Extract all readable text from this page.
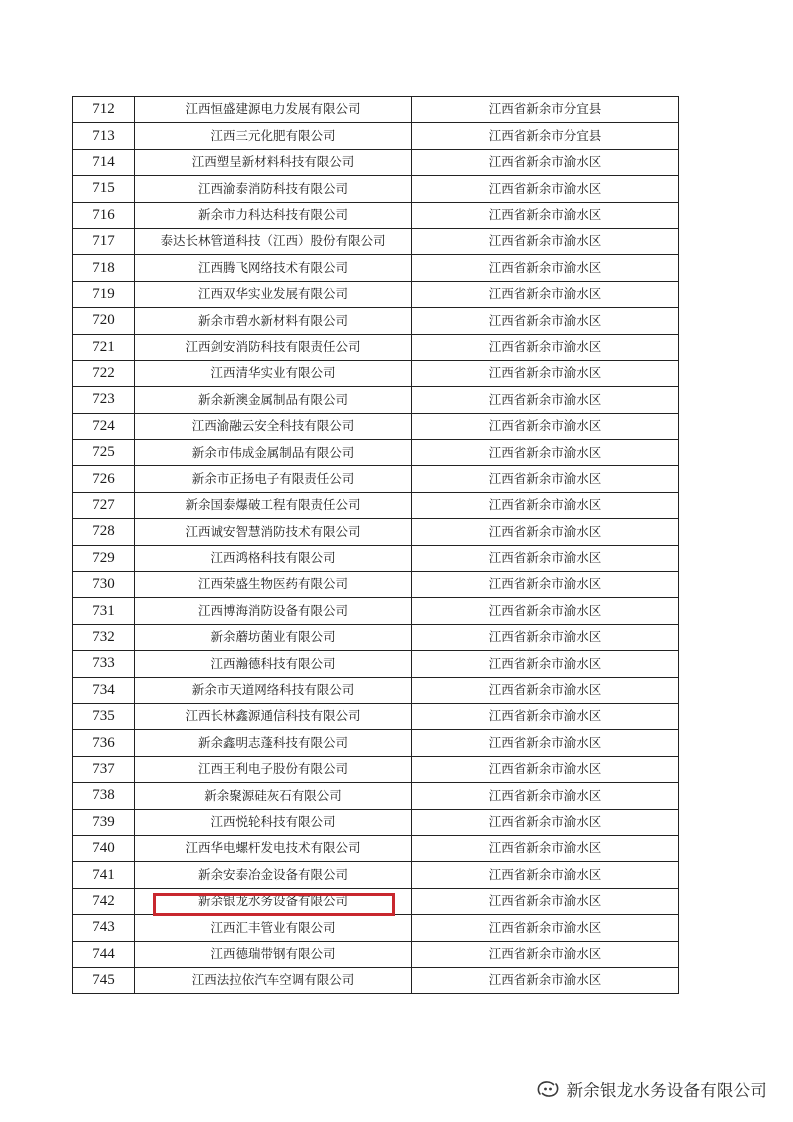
712	江西恒盛建源电力发展有限公司	江西省新余市分宜县
713	江西三元化肥有限公司	江西省新余市分宜县
714	江西塑呈新材料科技有限公司	江西省新余市渝水区
715	江西渝泰消防科技有限公司	江西省新余市渝水区
716	新余市力科达科技有限公司	江西省新余市渝水区
717	泰达长林管道科技（江西）股份有限公司	江西省新余市渝水区
718	江西腾飞网络技术有限公司	江西省新余市渝水区
719	江西双华实业发展有限公司	江西省新余市渝水区
720	新余市碧水新材料有限公司	江西省新余市渝水区
721	江西剑安消防科技有限责任公司	江西省新余市渝水区
722	江西清华实业有限公司	江西省新余市渝水区
723	新余新澳金属制品有限公司	江西省新余市渝水区
724	江西渝融云安全科技有限公司	江西省新余市渝水区
725	新余市伟成金属制品有限公司	江西省新余市渝水区
726	新余市正扬电子有限责任公司	江西省新余市渝水区
727	新余国泰爆破工程有限责任公司	江西省新余市渝水区
728	江西诚安智慧消防技术有限公司	江西省新余市渝水区
729	江西鸿格科技有限公司	江西省新余市渝水区
730	江西荣盛生物医药有限公司	江西省新余市渝水区
731	江西博海消防设备有限公司	江西省新余市渝水区
732	新余蘑坊菌业有限公司	江西省新余市渝水区
733	江西瀚德科技有限公司	江西省新余市渝水区
734	新余市天道网络科技有限公司	江西省新余市渝水区
735	江西长林鑫源通信科技有限公司	江西省新余市渝水区
736	新余鑫明志蓬科技有限公司	江西省新余市渝水区
737	江西王利电子股份有限公司	江西省新余市渝水区
738	新余聚源硅灰石有限公司	江西省新余市渝水区
739	江西悦轮科技有限公司	江西省新余市渝水区
740	江西华电螺杆发电技术有限公司	江西省新余市渝水区
741	新余安泰冶金设备有限公司	江西省新余市渝水区
742	新余银龙水务设备有限公司	江西省新余市渝水区
743	江西汇丰管业有限公司	江西省新余市渝水区
744	江西德瑞带钢有限公司	江西省新余市渝水区
745	江西法拉依汽车空调有限公司	江西省新余市渝水区
新余银龙水务设备有限公司
